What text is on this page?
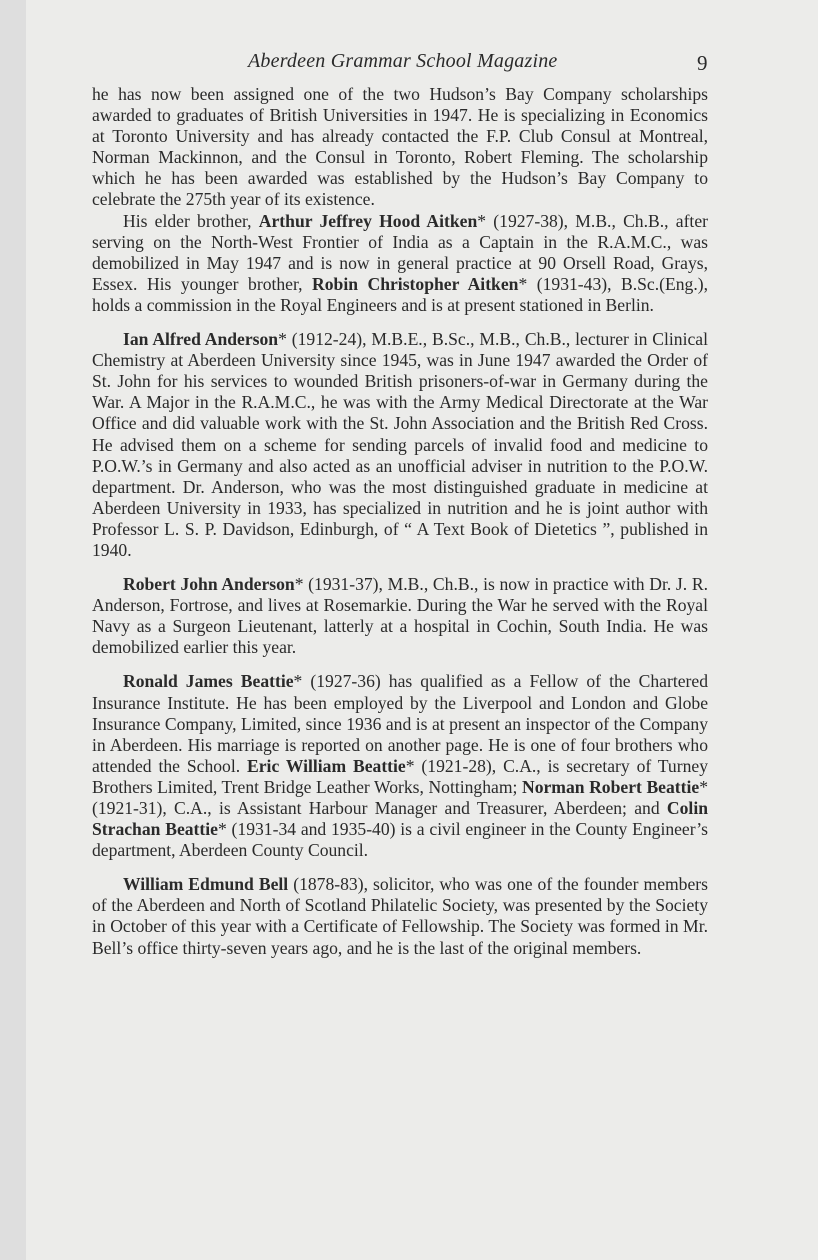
Aberdeen Grammar School Magazine	9

he has now been assigned one of the two Hudson’s Bay Company scholarships awarded to graduates of British Universities in 1947. He is specializing in Economics at Toronto University and has already contacted the F.P. Club Consul at Montreal, Norman Mackinnon, and the Consul in Toronto, Robert Fleming. The scholarship which he has been awarded was established by the Hudson’s Bay Company to celebrate the 275th year of its existence.

His elder brother, Arthur Jeffrey Hood Aitken* (1927-38), M.B., Ch.B., after serving on the North-West Frontier of India as a Captain in the R.A.M.C., was demobilized in May 1947 and is now in general practice at 90 Orsell Road, Grays, Essex. His younger brother, Robin Christopher Aitken* (1931-43), B.Sc.(Eng.), holds a commission in the Royal Engineers and is at present stationed in Berlin.

Ian Alfred Anderson* (1912-24), M.B.E., B.Sc., M.B., Ch.B., lecturer in Clinical Chemistry at Aberdeen University since 1945, was in June 1947 awarded the Order of St. John for his services to wounded British prisoners-of-war in Germany during the War. A Major in the R.A.M.C., he was with the Army Medical Directorate at the War Office and did valuable work with the St. John Association and the British Red Cross. He advised them on a scheme for sending parcels of invalid food and medicine to P.O.W.’s in Germany and also acted as an unofficial adviser in nutrition to the P.O.W. department. Dr. Anderson, who was the most distinguished graduate in medicine at Aberdeen University in 1933, has specialized in nutrition and he is joint author with Professor L. S. P. Davidson, Edinburgh, of “ A Text Book of Dietetics ”, published in 1940.

Robert John Anderson* (1931-37), M.B., Ch.B., is now in practice with Dr. J. R. Anderson, Fortrose, and lives at Rosemarkie. During the War he served with the Royal Navy as a Surgeon Lieutenant, latterly at a hospital in Cochin, South India. He was demobilized earlier this year.

Ronald James Beattie* (1927-36) has qualified as a Fellow of the Chartered Insurance Institute. He has been employed by the Liverpool and London and Globe Insurance Company, Limited, since 1936 and is at present an inspector of the Company in Aberdeen. His marriage is reported on another page. He is one of four brothers who attended the School. Eric William Beattie* (1921-28), C.A., is secretary of Turney Brothers Limited, Trent Bridge Leather Works, Nottingham; Norman Robert Beattie* (1921-31), C.A., is Assistant Harbour Manager and Treasurer, Aberdeen; and Colin Strachan Beattie* (1931-34 and 1935-40) is a civil engineer in the County Engineer’s department, Aberdeen County Council.

William Edmund Bell (1878-83), solicitor, who was one of the founder members of the Aberdeen and North of Scotland Philatelic Society, was presented by the Society in October of this year with a Certificate of Fellowship. The Society was formed in Mr. Bell’s office thirty-seven years ago, and he is the last of the original members.
